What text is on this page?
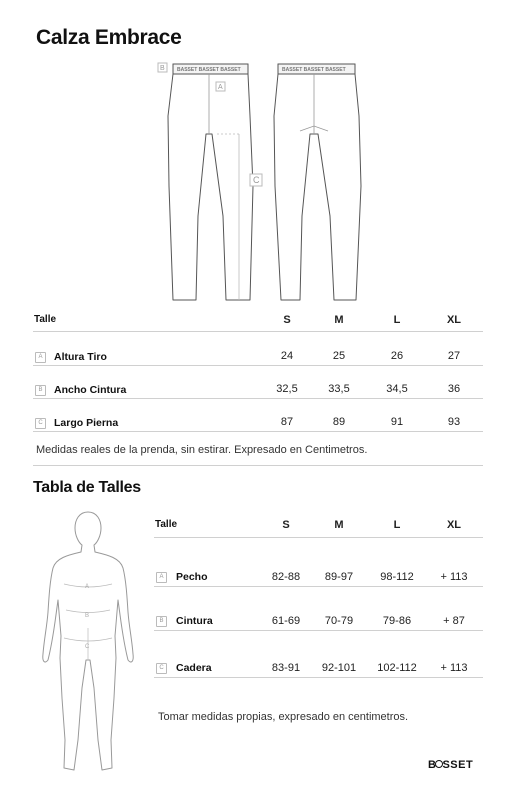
Calza Embrace
BASSET BASSET BASSET	BASSET BASSET BASSET
B
A
C
Talle	S	M	L	XL
A	Altura Tiro	24	25	26	27
B	Ancho Cintura	32,5	33,5	34,5	36
C	Largo Pierna	87	89	91	93
Medidas reales de la prenda, sin estirar. Expresado en Centimetros.
Tabla de Talles
A
B
C
Talle	S	M	L	XL
A	Pecho	82-88	89-97	98-112	+ 113
B	Cintura	61-69	70-79	79-86	+ 87
C	Cadera	83-91	92-101	102-112	+ 113
Tomar medidas propias, expresado en centimetros.
B SSET
